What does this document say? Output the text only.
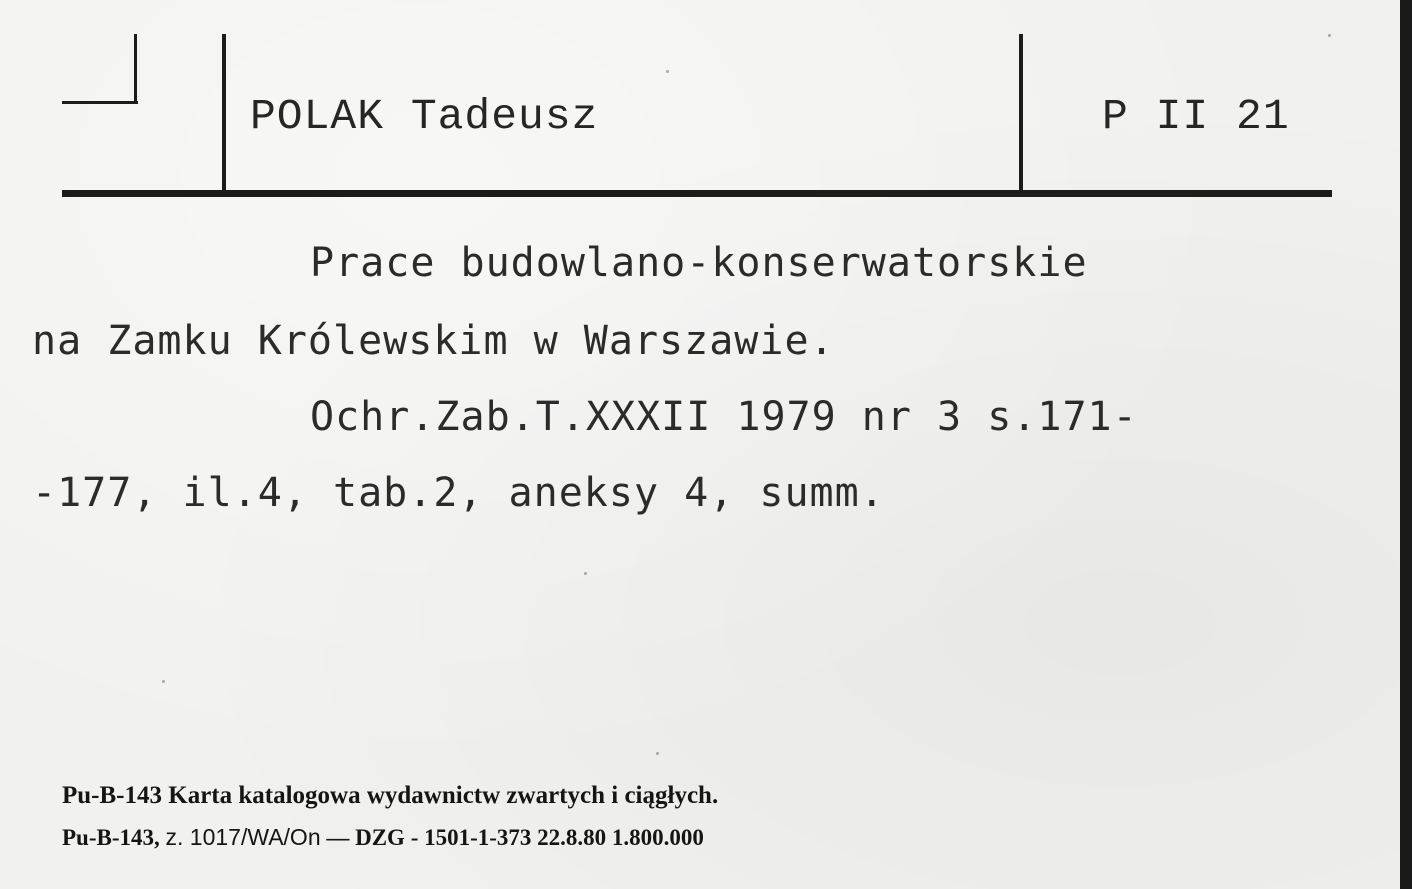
POLAK Tadeusz	P II 21
Prace budowlano-konserwatorskie
na Zamku Królewskim w Warszawie.
Ochr.Zab.T.XXXII 1979 nr 3 s.171-
-177, il.4, tab.2, aneksy 4, summ.
Pu-B-143 Karta katalogowa wydawnictw zwartych i ciągłych.
Pu-B-143, z. 1017/WA/On — DZG - 1501-1-373 22.8.80 1.800.000
